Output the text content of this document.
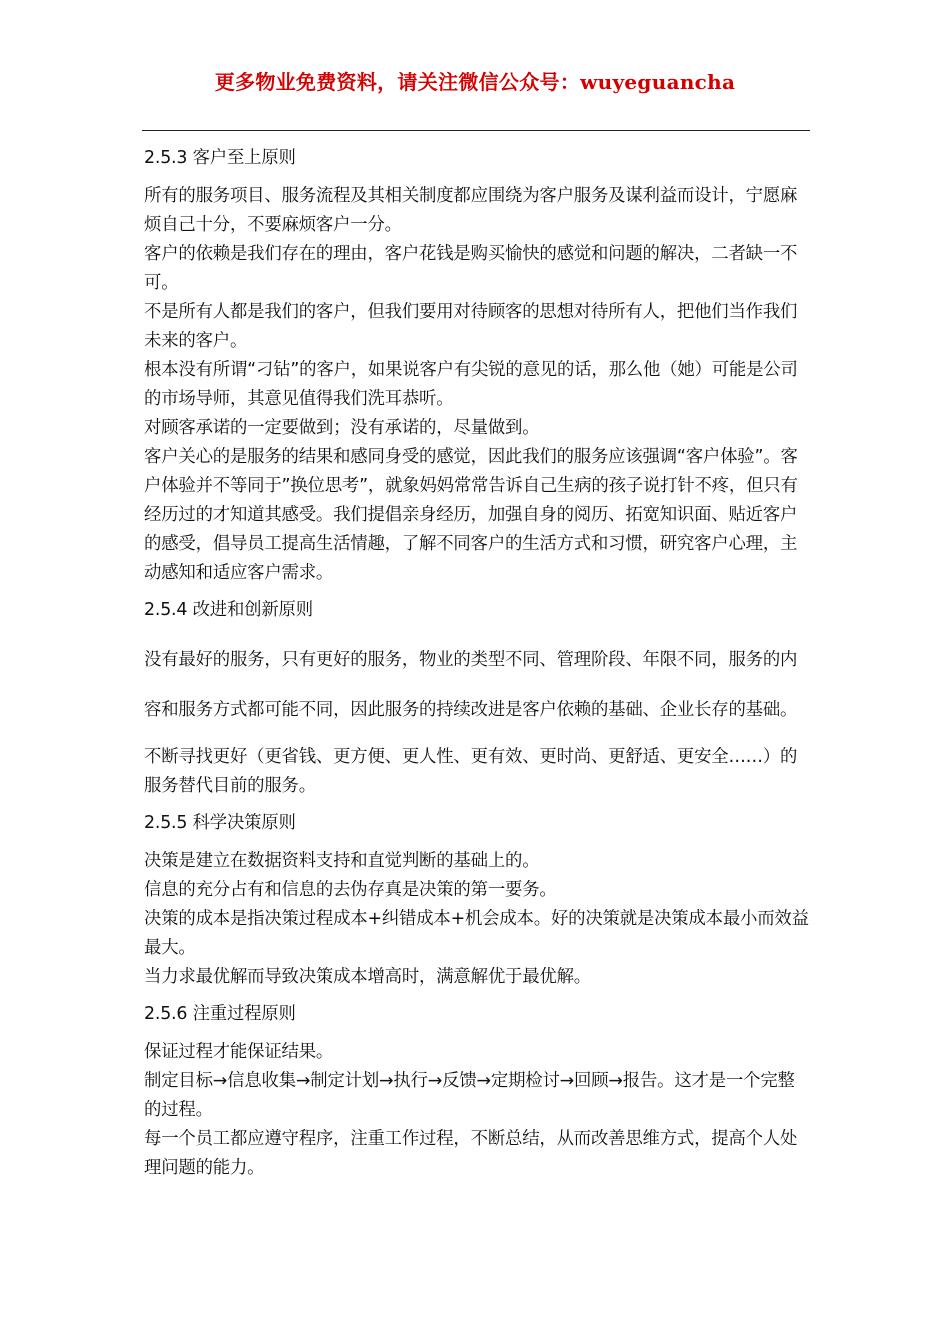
更多物业免费资料，请关注微信公众号：wuyeguancha

2.5.3 客户至上原则

所有的服务项目、服务流程及其相关制度都应围绕为客户服务及谋利益而设计，宁愿麻烦自己十分，不要麻烦客户一分。

客户的依赖是我们存在的理由，客户花钱是购买愉快的感觉和问题的解决，二者缺一不可。

不是所有人都是我们的客户，但我们要用对待顾客的思想对待所有人，把他们当作我们未来的客户。

根本没有所谓“刁钻”的客户，如果说客户有尖锐的意见的话，那么他（她）可能是公司的市场导师，其意见值得我们洗耳恭听。

对顾客承诺的一定要做到；没有承诺的，尽量做到。

客户关心的是服务的结果和感同身受的感觉，因此我们的服务应该强调“客户体验”。客户体验并不等同于”换位思考”，就象妈妈常常告诉自己生病的孩子说打针不疼，但只有经历过的才知道其感受。我们提倡亲身经历，加强自身的阅历、拓宽知识面、贴近客户的感受，倡导员工提高生活情趣，了解不同客户的生活方式和习惯，研究客户心理，主动感知和适应客户需求。

2.5.4 改进和创新原则

没有最好的服务，只有更好的服务，物业的类型不同、管理阶段、年限不同，服务的内容和服务方式都可能不同，因此服务的持续改进是客户依赖的基础、企业长存的基础。

不断寻找更好（更省钱、更方便、更人性、更有效、更时尚、更舒适、更安全……）的服务替代目前的服务。

2.5.5 科学决策原则

决策是建立在数据资料支持和直觉判断的基础上的。

信息的充分占有和信息的去伪存真是决策的第一要务。

决策的成本是指决策过程成本+纠错成本+机会成本。好的决策就是决策成本最小而效益最大。

当力求最优解而导致决策成本增高时，满意解优于最优解。

2.5.6 注重过程原则

保证过程才能保证结果。

制定目标→信息收集→制定计划→执行→反馈→定期检讨→回顾→报告。这才是一个完整的过程。

每一个员工都应遵守程序，注重工作过程，不断总结，从而改善思维方式，提高个人处理问题的能力。
